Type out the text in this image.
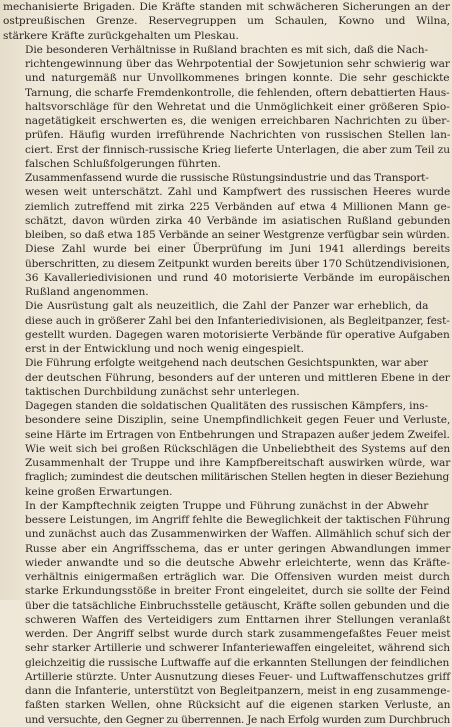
mechanisierte Brigaden. Die Kräfte standen mit schwächeren Sicherungen an der
ostpreußischen Grenze. Reservegruppen um Schaulen, Kowno und Wilna,
stärkere Kräfte zurückgehalten um Pleskau.

Die besonderen Verhältnisse in Rußland brachten es mit sich, daß die Nach-
richtengewinnung über das Wehrpotential der Sowjetunion sehr schwierig war
und naturgemäß nur Unvollkommenes bringen konnte. Die sehr geschickte
Tarnung, die scharfe Fremdenkontrolle, die fehlenden, oftern debattierten Haus-
haltsvorschläge für den Wehretat und die Unmöglichkeit einer größeren Spio-
nagetätigkeit erschwerten es, die wenigen erreichbaren Nachrichten zu über-
prüfen. Häufig wurden irreführende Nachrichten von russischen Stellen lan-
ciert. Erst der finnisch-russische Krieg lieferte Unterlagen, die aber zum Teil zu
falschen Schlußfolgerungen führten.

Zusammenfassend wurde die russische Rüstungsindustrie und das Transport-
wesen weit unterschätzt. Zahl und Kampfwert des russischen Heeres wurde
ziemlich zutreffend mit zirka 225 Verbänden auf etwa 4 Millionen Mann ge-
schätzt, davon würden zirka 40 Verbände im asiatischen Rußland gebunden
bleiben, so daß etwa 185 Verbände an seiner Westgrenze verfügbar sein würden.
Diese Zahl wurde bei einer Überprüfung im Juni 1941 allerdings bereits
überschritten, zu diesem Zeitpunkt wurden bereits über 170 Schützendivisionen,
36 Kavalleriedivisionen und rund 40 motorisierte Verbände im europäischen
Rußland angenommen.

Die Ausrüstung galt als neuzeitlich, die Zahl der Panzer war erheblich, da
diese auch in größerer Zahl bei den Infanteriedivisionen, als Begleitpanzer, fest-
gestellt wurden. Dagegen waren motorisierte Verbände für operative Aufgaben
erst in der Entwicklung und noch wenig eingespielt.

Die Führung erfolgte weitgehend nach deutschen Gesichtspunkten, war aber
der deutschen Führung, besonders auf der unteren und mittleren Ebene in der
taktischen Durchbildung zunächst sehr unterlegen.

Dagegen standen die soldatischen Qualitäten des russischen Kämpfers, ins-
besondere seine Disziplin, seine Unempfindlichkeit gegen Feuer und Verluste,
seine Härte im Ertragen von Entbehrungen und Strapazen außer jedem Zweifel.
Wie weit sich bei großen Rückschlägen die Unbeliebtheit des Systems auf den
Zusammenhalt der Truppe und ihre Kampfbereitschaft auswirken würde, war
fraglich; zumindest die deutschen militärischen Stellen hegten in dieser Beziehung
keine großen Erwartungen.

In der Kampftechnik zeigten Truppe und Führung zunächst in der Abwehr
bessere Leistungen, im Angriff fehlte die Beweglichkeit der taktischen Führung
und zunächst auch das Zusammenwirken der Waffen. Allmählich schuf sich der
Russe aber ein Angriffsschema, das er unter geringen Abwandlungen immer
wieder anwandte und so die deutsche Abwehr erleichterte, wenn das Kräfte-
verhältnis einigermaßen erträglich war. Die Offensiven wurden meist durch
starke Erkundungsstöße in breiter Front eingeleitet, durch sie sollte der Feind
über die tatsächliche Einbruchsstelle getäuscht, Kräfte sollen gebunden und die
schweren Waffen des Verteidigers zum Enttarnen ihrer Stellungen veranlaßt
werden. Der Angriff selbst wurde durch stark zusammengefaßtes Feuer meist
sehr starker Artillerie und schwerer Infanteriewaffen eingeleitet, während sich
gleichzeitig die russische Luftwaffe auf die erkannten Stellungen der feindlichen
Artillerie stürzte. Unter Ausnutzung dieses Feuer- und Luftwaffenschutzes griff
dann die Infanterie, unterstützt von Begleitpanzern, meist in eng zusammenge-
faßten starken Wellen, ohne Rücksicht auf die eigenen starken Verluste, an
und versuchte, den Gegner zu überrennen. Je nach Erfolg wurden zum Durchbruch
